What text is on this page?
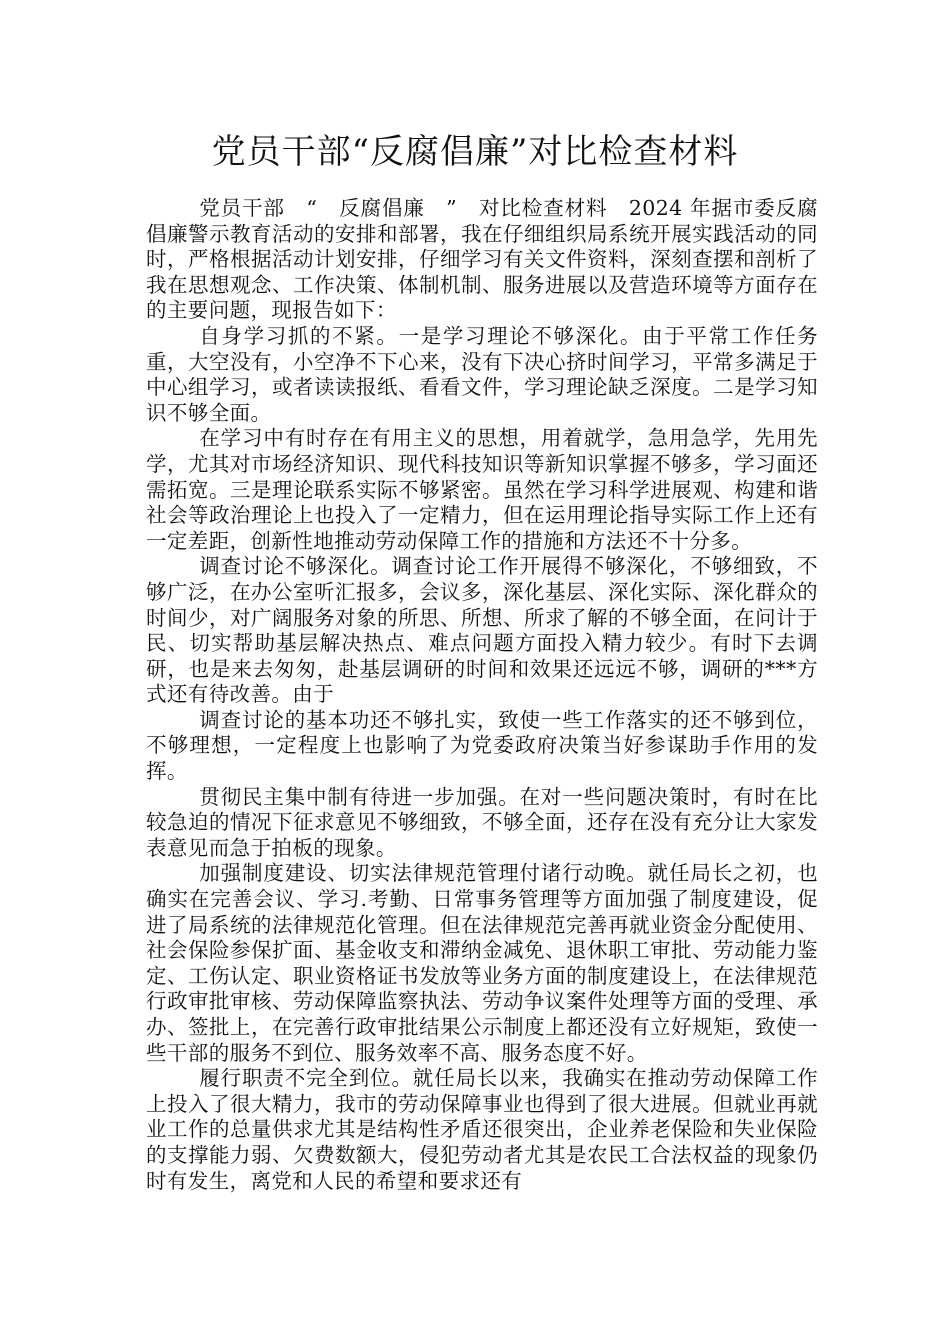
党员干部“反腐倡廉”对比检查材料

党员干部　“　反腐倡廉　”　对比检查材料　2024 年据市委反腐倡廉警示教育活动的安排和部署，我在仔细组织局系统开展实践活动的同时，严格根据活动计划安排，仔细学习有关文件资料，深刻查摆和剖析了我在思想观念、工作决策、体制机制、服务进展以及营造环境等方面存在的主要问题，现报告如下：

自身学习抓的不紧。一是学习理论不够深化。由于平常工作任务重，大空没有，小空净不下心来，没有下决心挤时间学习，平常多满足于中心组学习，或者读读报纸、看看文件，学习理论缺乏深度。二是学习知识不够全面。

在学习中有时存在有用主义的思想，用着就学，急用急学，先用先学，尤其对市场经济知识、现代科技知识等新知识掌握不够多，学习面还需拓宽。三是理论联系实际不够紧密。虽然在学习科学进展观、构建和谐社会等政治理论上也投入了一定精力，但在运用理论指导实际工作上还有一定差距，创新性地推动劳动保障工作的措施和方法还不十分多。

调查讨论不够深化。调查讨论工作开展得不够深化，不够细致，不够广泛，在办公室听汇报多，会议多，深化基层、深化实际、深化群众的时间少，对广阔服务对象的所思、所想、所求了解的不够全面，在问计于民、切实帮助基层解决热点、难点问题方面投入精力较少。有时下去调研，也是来去匆匆，赴基层调研的时间和效果还远远不够，调研的***方式还有待改善。由于

调查讨论的基本功还不够扎实，致使一些工作落实的还不够到位，不够理想，一定程度上也影响了为党委政府决策当好参谋助手作用的发挥。

贯彻民主集中制有待进一步加强。在对一些问题决策时，有时在比较急迫的情况下征求意见不够细致，不够全面，还存在没有充分让大家发表意见而急于拍板的现象。

加强制度建设、切实法律规范管理付诸行动晚。就任局长之初，也确实在完善会议、学习.考勤、日常事务管理等方面加强了制度建设，促进了局系统的法律规范化管理。但在法律规范完善再就业资金分配使用、社会保险参保扩面、基金收支和滞纳金减免、退休职工审批、劳动能力鉴定、工伤认定、职业资格证书发放等业务方面的制度建设上，在法律规范行政审批审核、劳动保障监察执法、劳动争议案件处理等方面的受理、承办、签批上，在完善行政审批结果公示制度上都还没有立好规矩，致使一些干部的服务不到位、服务效率不高、服务态度不好。

履行职责不完全到位。就任局长以来，我确实在推动劳动保障工作上投入了很大精力，我市的劳动保障事业也得到了很大进展。但就业再就业工作的总量供求尤其是结构性矛盾还很突出，企业养老保险和失业保险的支撑能力弱、欠费数额大，侵犯劳动者尤其是农民工合法权益的现象仍时有发生，离党和人民的希望和要求还有
